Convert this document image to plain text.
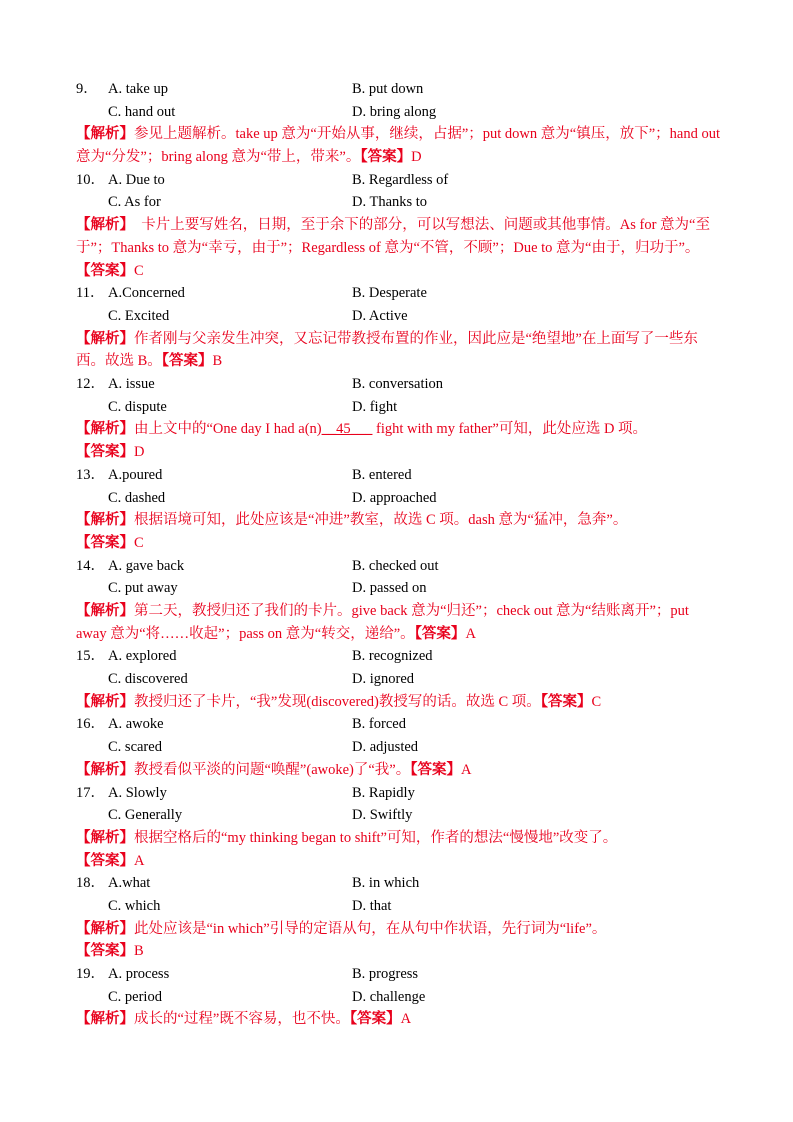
9． A. take up	B. put down
C. hand out	D. bring along
【解析】参见上题解析。take up 意为“开始从事，继续，占据”；put down 意为“镇压，放下”；hand out 意为“分发”；bring along 意为“带上，带来”。【答案】D
10． A. Due to	B. Regardless of
C. As for	D. Thanks to
【解析】　卡片上要写姓名，日期，至于余下的部分，可以写想法、问题或其他事情。As for 意为“至于”；Thanks to 意为“幸亏，由于”；Regardless of 意为“不管，不顾”；Due to 意为“由于，归功于”。【答案】C
11． A.Concerned	B. Desperate
C. Excited	D. Active
【解析】作者刚与父亲发生冲突，又忘记带教授布置的作业，因此应是“绝望地”在上面写了一些东西。故选 B。【答案】B
12． A. issue	B. conversation
C. dispute	D. fight
【解析】由上文中的“One day I had a(n)__45___ fight with my father”可知，此处应选 D 项。
【答案】D
13． A.poured	B. entered
C. dashed	D. approached
【解析】根据语境可知，此处应该是“冲进”教室，故选 C 项。dash 意为“猛冲，急奔”。
【答案】C
14． A. gave back	B. checked out
C. put away	D. passed on
【解析】第二天，教授归还了我们的卡片。give back 意为“归还”；check out 意为“结账离开”；put away 意为“将……收起”；pass on 意为“转交，递给”。【答案】A
15． A. explored	B. recognized
C. discovered	D. ignored
【解析】教授归还了卡片，“我”发现(discovered)教授写的话。故选 C 项。【答案】C
16． A. awoke	B. forced
C. scared	D. adjusted
【解析】教授看似平淡的问题“唤醒”(awoke)了“我”。【答案】A
17． A. Slowly	B. Rapidly
C. Generally	D. Swiftly
【解析】根据空格后的“my thinking began to shift”可知，作者的想法“慢慢地”改变了。
【答案】A
18． A.what	B. in which
C. which	D. that
【解析】此处应该是“in which”引导的定语从句，在从句中作状语，先行词为“life”。
【答案】B
19． A. process	B. progress
C. period	D. challenge
【解析】成长的“过程”既不容易，也不快。【答案】A
